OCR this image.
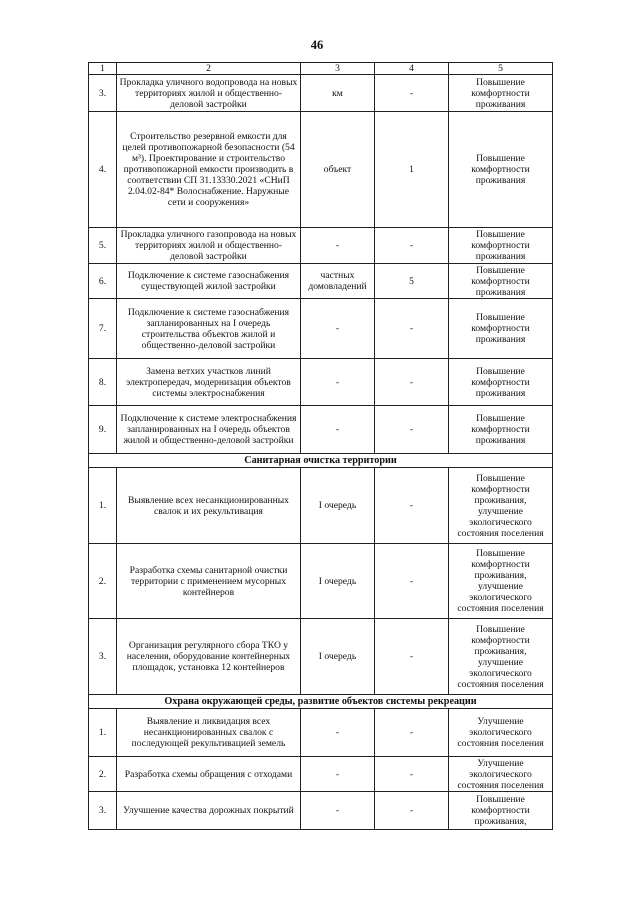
46
1	2	3	4	5
3.	Прокладка уличного водопровода на новых территориях жилой и общественно-деловой застройки	км	-	Повышение комфортности проживания
4.	Строительство резервной емкости для целей противопожарной безопасности (54 м³). Проектирование и строительство противопожарной емкости производить в соответствии СП 31.13330.2021 «СНиП 2.04.02-84* Волоснабжение. Наружные сети и сооружения»	объект	1	Повышение комфортности проживания
5.	Прокладка уличного газопровода на новых территориях жилой и общественно-деловой застройки	-	-	Повышение комфортности проживания
6.	Подключение к системе газоснабжения существующей жилой застройки	частных домовладений	5	Повышение комфортности проживания
7.	Подключение к системе газоснабжения запланированных на I очередь строительства объектов жилой и общественно-деловой застройки	-	-	Повышение комфортности проживания
8.	Замена ветхих участков линий электропередач, модернизация объектов системы электроснабжения	-	-	Повышение комфортности проживания
9.	Подключение к системе электроснабжения запланированных на I очередь объектов жилой и общественно-деловой застройки	-	-	Повышение комфортности проживания
Санитарная очистка территории				
1.	Выявление всех несанкционированных свалок и их рекультивация	I очередь	-	Повышение комфортности проживания, улучшение экологического состояния поселения
2.	Разработка схемы санитарной очистки территории с применением мусорных контейнеров	I очередь	-	Повышение комфортности проживания, улучшение экологического состояния поселения
3.	Организация регулярного сбора ТКО у населения, оборудование контейнерных площадок, установка 12 контейнеров	I очередь	-	Повышение комфортности проживания, улучшение экологического состояния поселения
Охрана окружающей среды, развитие объектов системы рекреации				
1.	Выявление и ликвидация всех несанкционированных свалок с последующей рекультивацией земель	-	-	Улучшение экологического состояния поселения
2.	Разработка схемы обращения с отходами	-	-	Улучшение экологического состояния поселения
3.	Улучшение качества дорожных покрытий	-	-	Повышение комфортности проживания,
